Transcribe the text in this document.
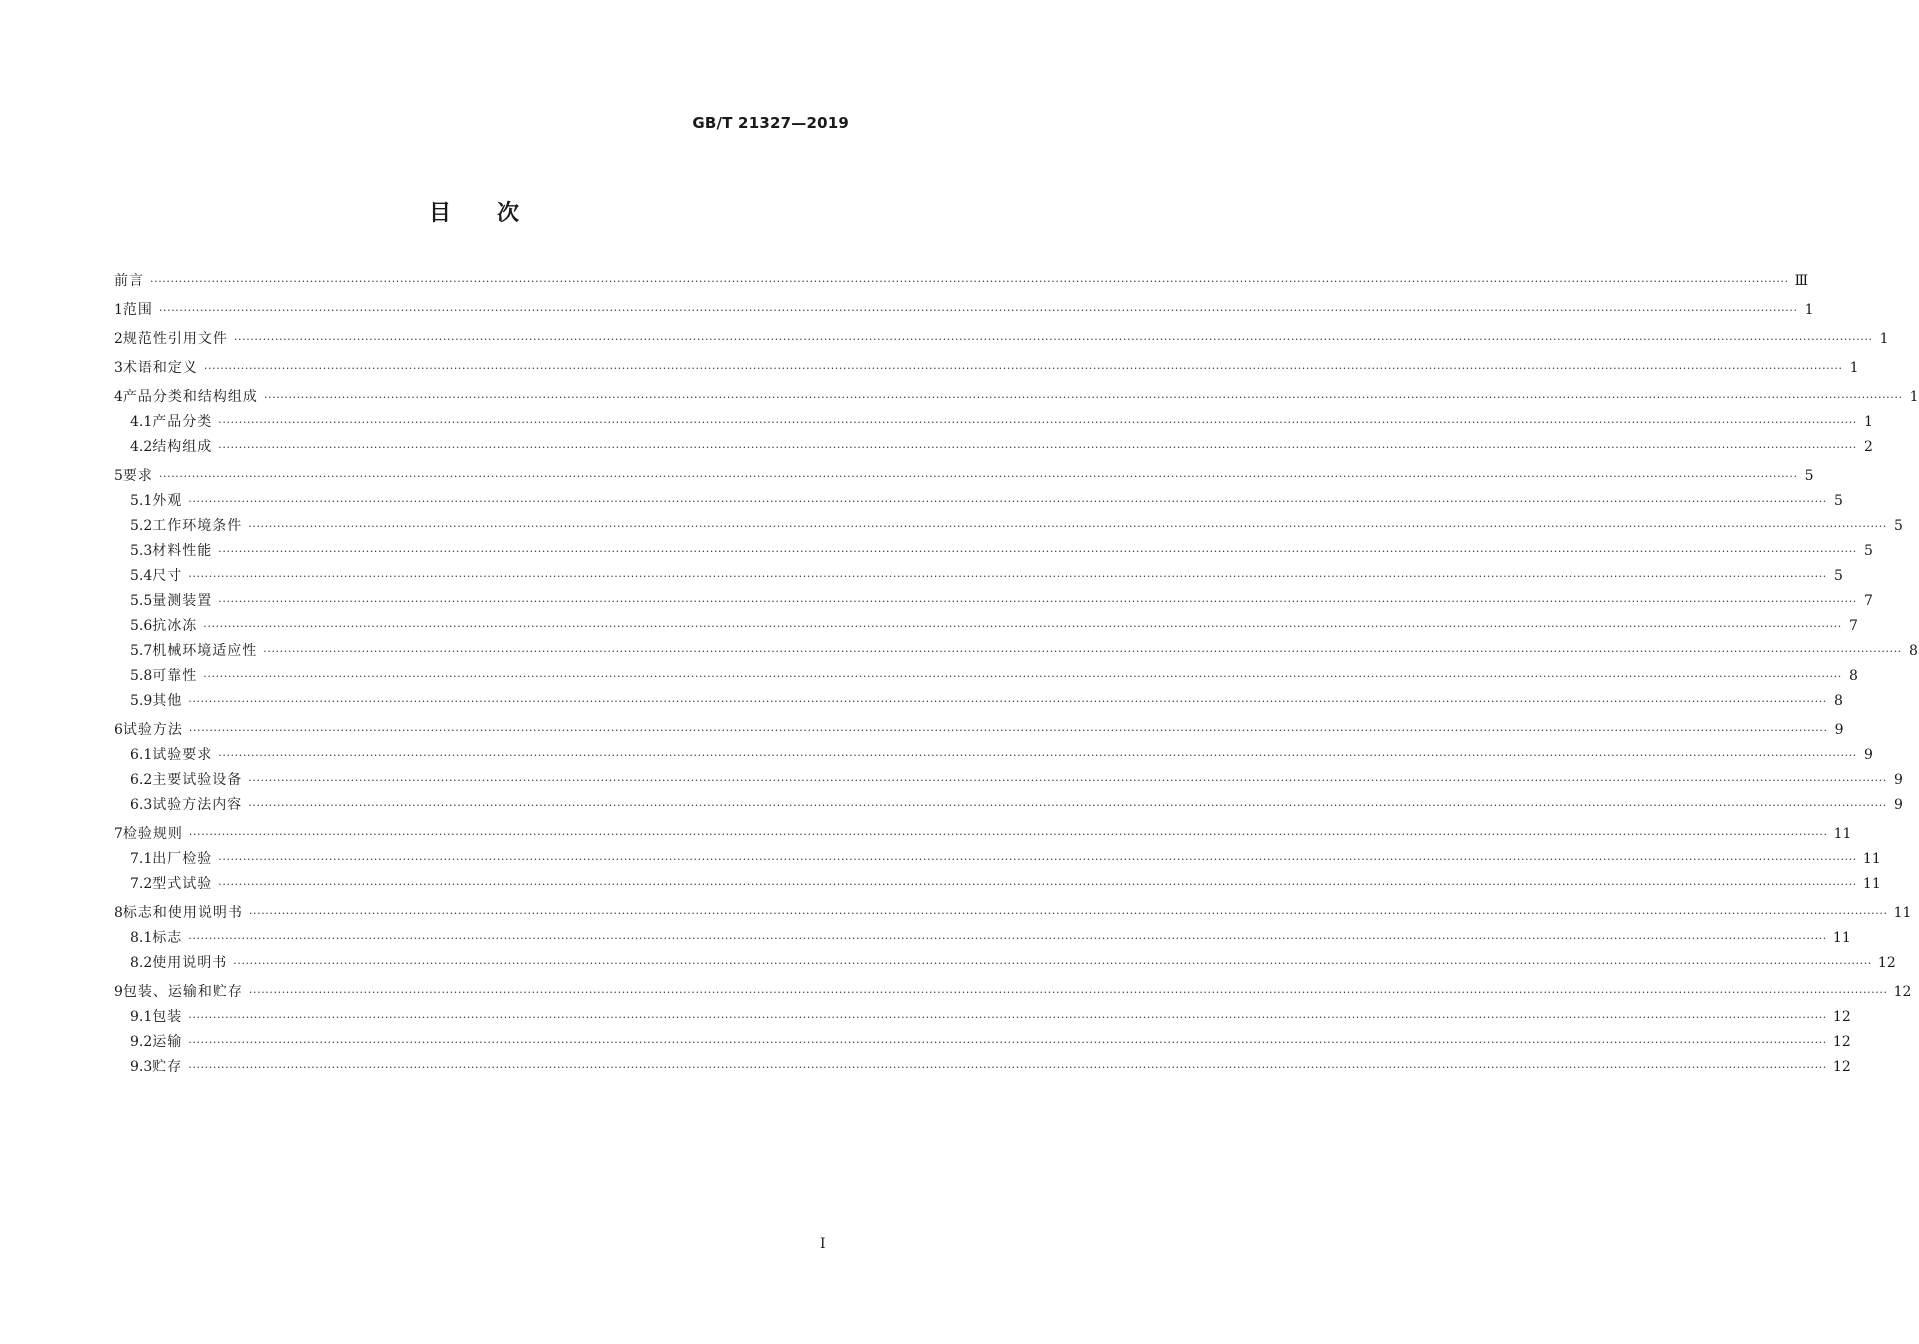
GB/T 21327—2019
目 次
前言 ················································································································································································································································································································································································································ Ⅲ
1 范围 ················································································································································································································································································································································································································ 1
2 规范性引用文件 ················································································································································································································································································································································································································ 1
3 术语和定义 ················································································································································································································································································································································································································ 1
4 产品分类和结构组成 ················································································································································································································································································································································································································ 1
4.1 产品分类 ················································································································································································································································································································································································································ 1
4.2 结构组成 ················································································································································································································································································································································································································ 2
5 要求 ················································································································································································································································································································································································································ 5
5.1 外观 ················································································································································································································································································································································································································ 5
5.2 工作环境条件 ················································································································································································································································································································································································································ 5
5.3 材料性能 ················································································································································································································································································································································································································ 5
5.4 尺寸 ················································································································································································································································································································································································································ 5
5.5 量测装置 ················································································································································································································································································································································································································ 7
5.6 抗冰冻 ················································································································································································································································································································································································································ 7
5.7 机械环境适应性 ················································································································································································································································································································································································································ 8
5.8 可靠性 ················································································································································································································································································································································································································ 8
5.9 其他 ················································································································································································································································································································································································································ 8
6 试验方法 ················································································································································································································································································································································································································ 9
6.1 试验要求 ················································································································································································································································································································································································································ 9
6.2 主要试验设备 ················································································································································································································································································································································································································ 9
6.3 试验方法内容 ················································································································································································································································································································································································································ 9
7 检验规则 ················································································································································································································································································································································································································ 11
7.1 出厂检验 ················································································································································································································································································································································································································ 11
7.2 型式试验 ················································································································································································································································································································································································································ 11
8 标志和使用说明书 ················································································································································································································································································································································································································ 11
8.1 标志 ················································································································································································································································································································································································································ 11
8.2 使用说明书 ················································································································································································································································································································································································································ 12
9 包装、运输和贮存 ················································································································································································································································································································································································································ 12
9.1 包装 ················································································································································································································································································································································································································ 12
9.2 运输 ················································································································································································································································································································································································································ 12
9.3 贮存 ················································································································································································································································································································································································································ 12
I
